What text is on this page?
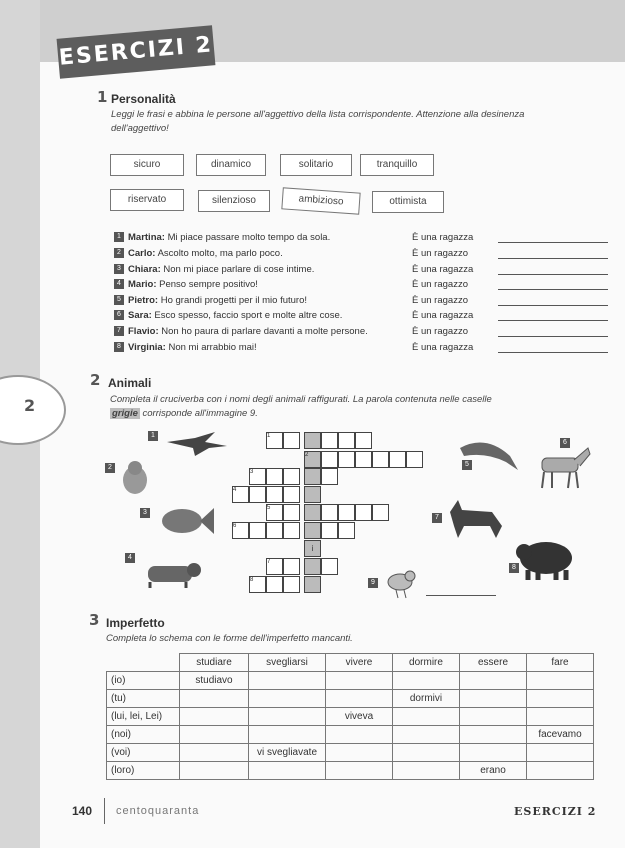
ESERCIZI 2
2
1 Personalità
Leggi le frasi e abbina le persone all'aggettivo della lista corrispondente. Attenzione alla desinenza dell'aggettivo!
sicuro	dinamico	solitario	tranquillo
riservato	silenzioso	ambizioso	ottimista
1 Martina: Mi piace passare molto tempo da sola.	È una ragazza
2 Carlo: Ascolto molto, ma parlo poco.	È un ragazzo
3 Chiara: Non mi piace parlare di cose intime.	È una ragazza
4 Mario: Penso sempre positivo!	È un ragazzo
5 Pietro: Ho grandi progetti per il mio futuro!	È un ragazzo
6 Sara: Esco spesso, faccio sport e molte altre cose.	È una ragazza
7 Flavio: Non ho paura di parlare davanti a molte persone.	È un ragazzo
8 Virginia: Non mi arrabbio mai!	È una ragazza
2 Animali
Completa il cruciverba con i nomi degli animali raffigurati. La parola contenuta nelle caselle
grigie corrisponde all'immagine 9.
1
2
3
4
5
6
i
7
8
1
2
3
4
5
6
7
8
9
3 Imperfetto
Completa lo schema con le forme dell'imperfetto mancanti.
	studiare	svegliarsi	vivere	dormire	essere	fare
(io)	studiavo					
(tu)				dormivi		
(lui, lei, Lei)			viveva			
(noi)						facevamo
(voi)		vi svegliavate				
(loro)					erano	
140 centoquaranta	ESERCIZI 2
